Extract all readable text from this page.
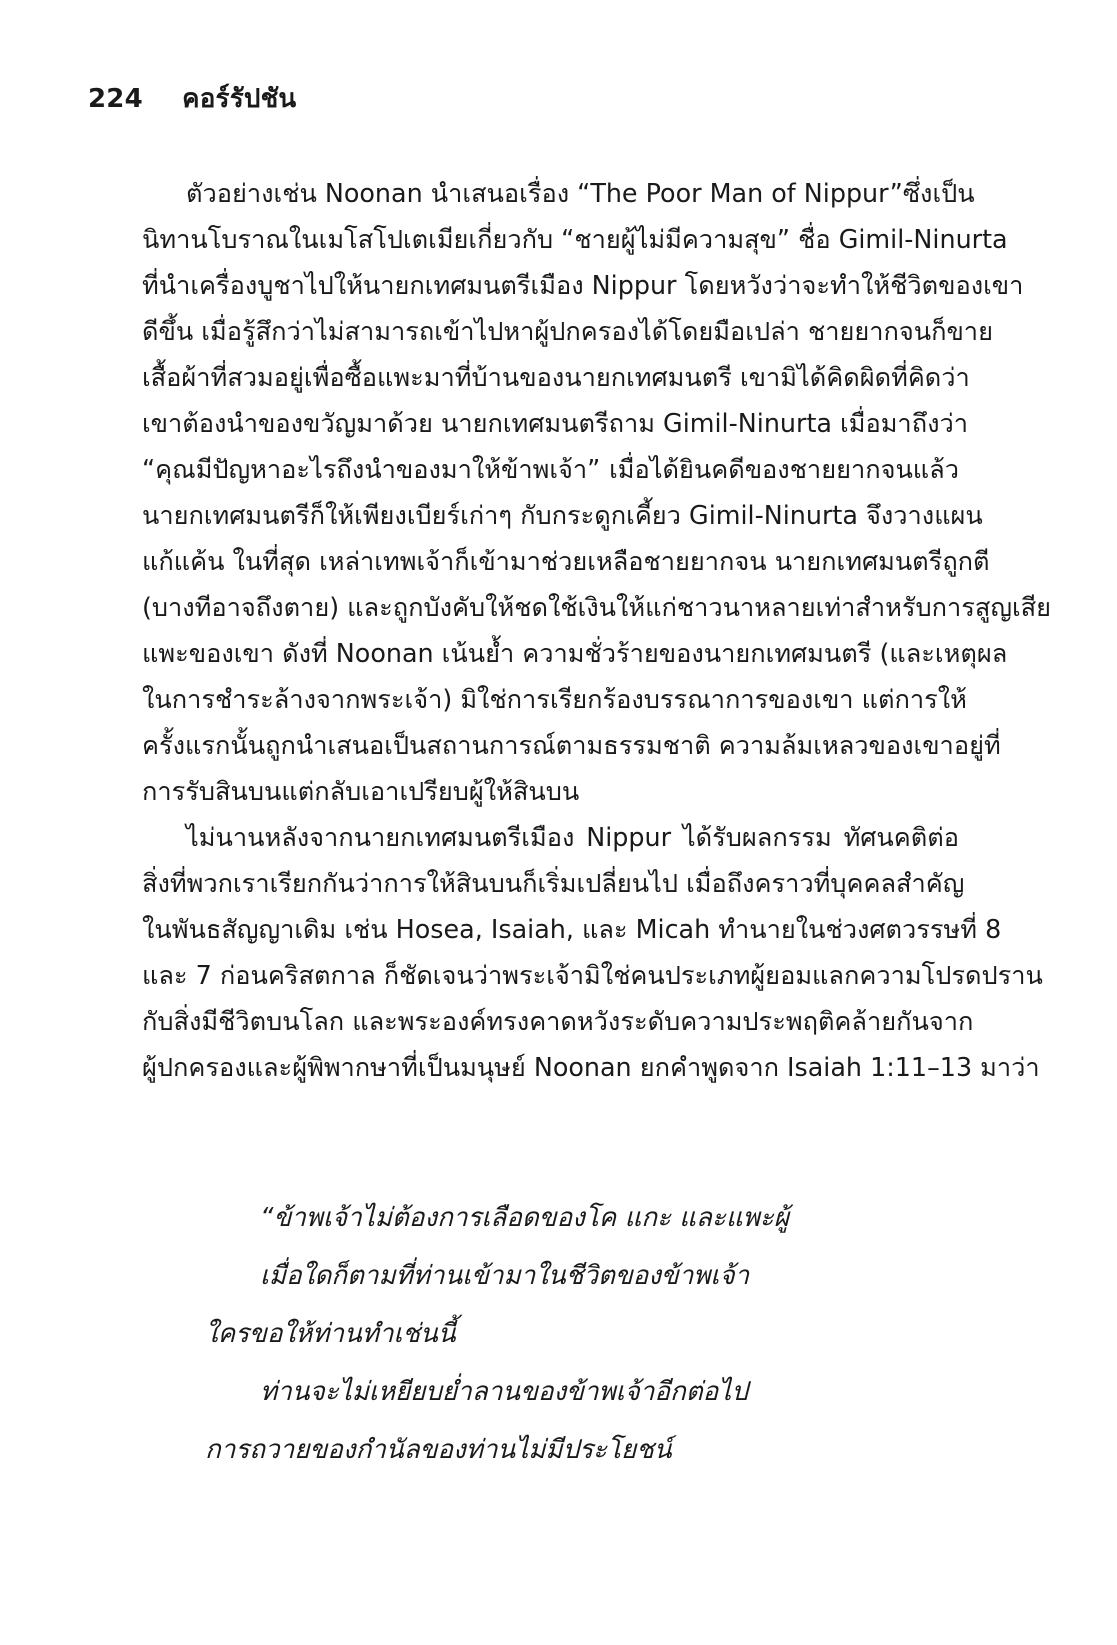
224 คอร์รัปชัน
ตัวอย่างเช่น Noonan นำเสนอเรื่อง “The Poor Man of Nippur”ซึ่งเป็น
นิทานโบราณในเมโสโปเตเมียเกี่ยวกับ “ชายผู้ไม่มีความสุข” ชื่อ Gimil-Ninurta
ที่นำเครื่องบูชาไปให้นายกเทศมนตรีเมือง Nippur โดยหวังว่าจะทำให้ชีวิตของเขา
ดีขึ้น เมื่อรู้สึกว่าไม่สามารถเข้าไปหาผู้ปกครองได้โดยมือเปล่า ชายยากจนก็ขาย
เสื้อผ้าที่สวมอยู่เพื่อซื้อแพะมาที่บ้านของนายกเทศมนตรี เขามิได้คิดผิดที่คิดว่า
เขาต้องนำของขวัญมาด้วย นายกเทศมนตรีถาม Gimil-Ninurta เมื่อมาถึงว่า
“คุณมีปัญหาอะไรถึงนำของมาให้ข้าพเจ้า” เมื่อได้ยินคดีของชายยากจนแล้ว
นายกเทศมนตรีก็ให้เพียงเบียร์เก่าๆ กับกระดูกเคี้ยว Gimil-Ninurta จึงวางแผน
แก้แค้น ในที่สุด เหล่าเทพเจ้าก็เข้ามาช่วยเหลือชายยากจน นายกเทศมนตรีถูกตี
(บางทีอาจถึงตาย) และถูกบังคับให้ชดใช้เงินให้แก่ชาวนาหลายเท่าสำหรับการสูญเสีย
แพะของเขา ดังที่ Noonan เน้นย้ำ ความชั่วร้ายของนายกเทศมนตรี (และเหตุผล
ในการชำระล้างจากพระเจ้า) มิใช่การเรียกร้องบรรณาการของเขา แต่การให้
ครั้งแรกนั้นถูกนำเสนอเป็นสถานการณ์ตามธรรมชาติ ความล้มเหลวของเขาอยู่ที่
การรับสินบนแต่กลับเอาเปรียบผู้ให้สินบน
ไม่นานหลังจากนายกเทศมนตรีเมือง Nippur ได้รับผลกรรม ทัศนคติต่อ
สิ่งที่พวกเราเรียกกันว่าการให้สินบนก็เริ่มเปลี่ยนไป เมื่อถึงคราวที่บุคคลสำคัญ
ในพันธสัญญาเดิม เช่น Hosea, Isaiah, และ Micah ทำนายในช่วงศตวรรษที่ 8
และ 7 ก่อนคริสตกาล ก็ชัดเจนว่าพระเจ้ามิใช่คนประเภทผู้ยอมแลกความโปรดปราน
กับสิ่งมีชีวิตบนโลก และพระองค์ทรงคาดหวังระดับความประพฤติคล้ายกันจาก
ผู้ปกครองและผู้พิพากษาที่เป็นมนุษย์ Noonan ยกคำพูดจาก Isaiah 1:11–13 มาว่า
“ข้าพเจ้าไม่ต้องการเลือดของโค แกะ และแพะผู้
เมื่อใดก็ตามที่ท่านเข้ามาในชีวิตของข้าพเจ้า
ใครขอให้ท่านทำเช่นนี้
ท่านจะไม่เหยียบย่ำลานของข้าพเจ้าอีกต่อไป
การถวายของกำนัลของท่านไม่มีประโยชน์
